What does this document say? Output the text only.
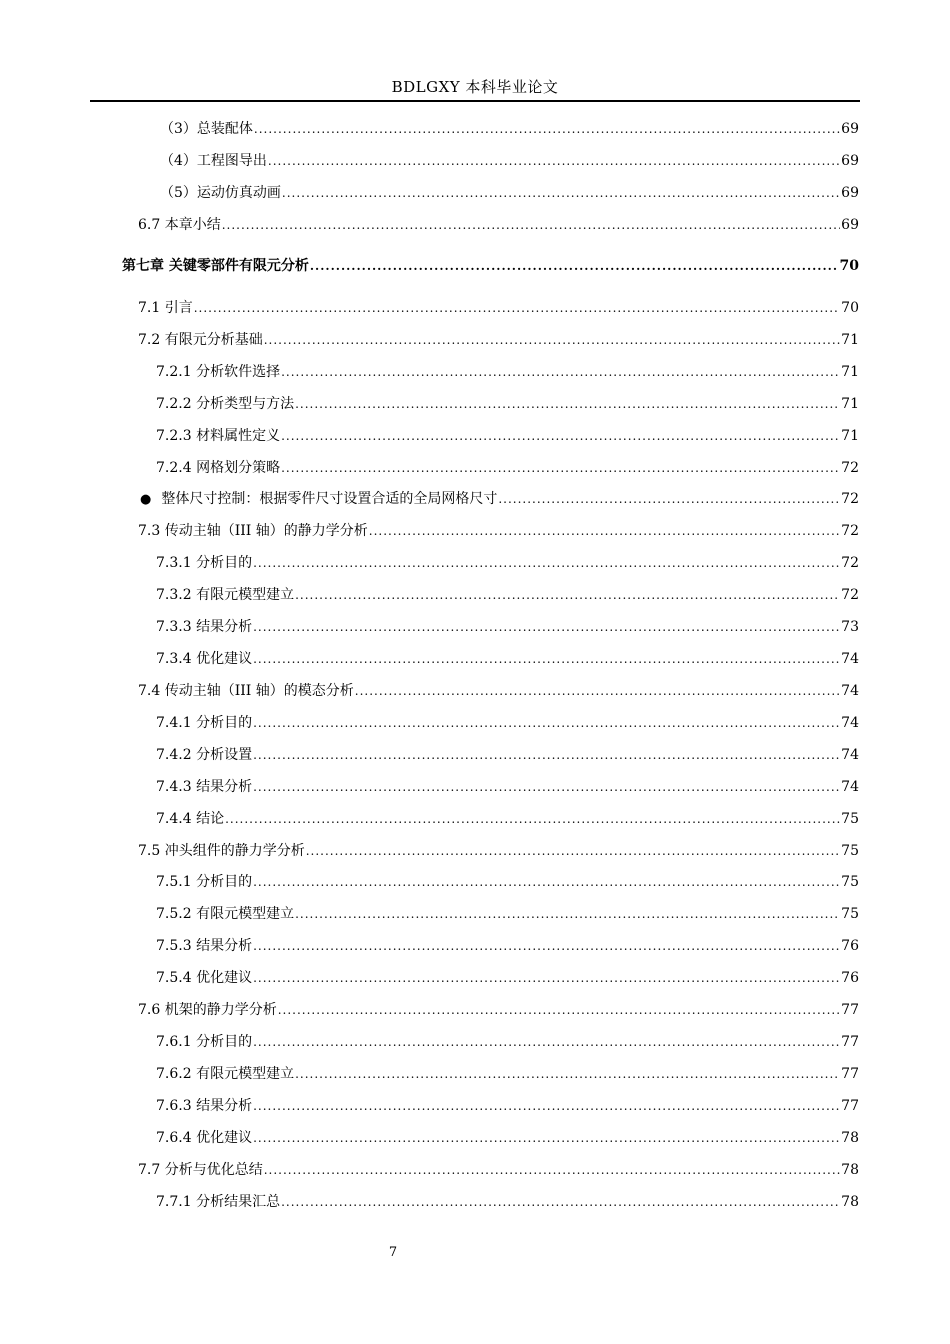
BDLGXY 本科毕业论文
（3）总装配体 .....	69
（4）工程图导出 .....	69
（5）运动仿真动画 .....	69
6.7 本章小结 .....	69
第七章 关键零部件有限元分析 .....	70
7.1 引言 .....	70
7.2 有限元分析基础 .....	71
7.2.1 分析软件选择 .....	71
7.2.2 分析类型与方法 .....	71
7.2.3 材料属性定义 .....	71
7.2.4 网格划分策略 .....	72
● 整体尺寸控制：根据零件尺寸设置合适的全局网格尺寸 .....	72
7.3 传动主轴（III 轴）的静力学分析 .....	72
7.3.1 分析目的 .....	72
7.3.2 有限元模型建立 .....	72
7.3.3 结果分析 .....	73
7.3.4 优化建议 .....	74
7.4 传动主轴（III 轴）的模态分析 .....	74
7.4.1 分析目的 .....	74
7.4.2 分析设置 .....	74
7.4.3 结果分析 .....	74
7.4.4 结论 .....	75
7.5 冲头组件的静力学分析 .....	75
7.5.1 分析目的 .....	75
7.5.2 有限元模型建立 .....	75
7.5.3 结果分析 .....	76
7.5.4 优化建议 .....	76
7.6 机架的静力学分析 .....	77
7.6.1 分析目的 .....	77
7.6.2 有限元模型建立 .....	77
7.6.3 结果分析 .....	77
7.6.4 优化建议 .....	78
7.7 分析与优化总结 .....	78
7.7.1 分析结果汇总 .....	78
7
